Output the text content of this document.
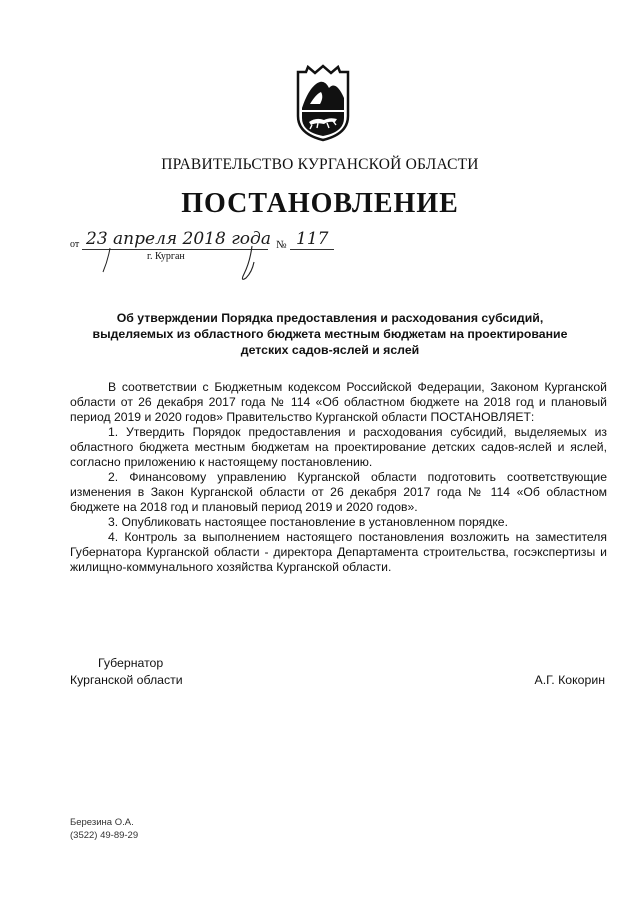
ПРАВИТЕЛЬСТВО КУРГАНСКОЙ ОБЛАСТИ
ПОСТАНОВЛЕНИЕ
от 23 апреля 2018 года № 117
г. Курган
Об утверждении Порядка предоставления и расходования субсидий,
выделяемых из областного бюджета местным бюджетам на проектирование
детских садов-яслей и яслей

В соответствии с Бюджетным кодексом Российской Федерации, Законом Курганской области от 26 декабря 2017 года № 114 «Об областном бюджете на 2018 год и плановый период 2019 и 2020 годов» Правительство Курганской области ПОСТАНОВЛЯЕТ:

1. Утвердить Порядок предоставления и расходования субсидий, выделяемых из областного бюджета местным бюджетам на проектирование детских садов-яслей и яслей, согласно приложению к настоящему постановлению.

2. Финансовому управлению Курганской области подготовить соответствующие изменения в Закон Курганской области от 26 декабря 2017 года № 114 «Об областном бюджете на 2018 год и плановый период 2019 и 2020 годов».

3. Опубликовать настоящее постановление в установленном порядке.

4. Контроль за выполнением настоящего постановления возложить на заместителя Губернатора Курганской области - директора Департамента строительства, госэкспертизы и жилищно-коммунального хозяйства Курганской области.

Губернатор
Курганской области	А.Г. Кокорин
Березина О.А.
(3522) 49-89-29
